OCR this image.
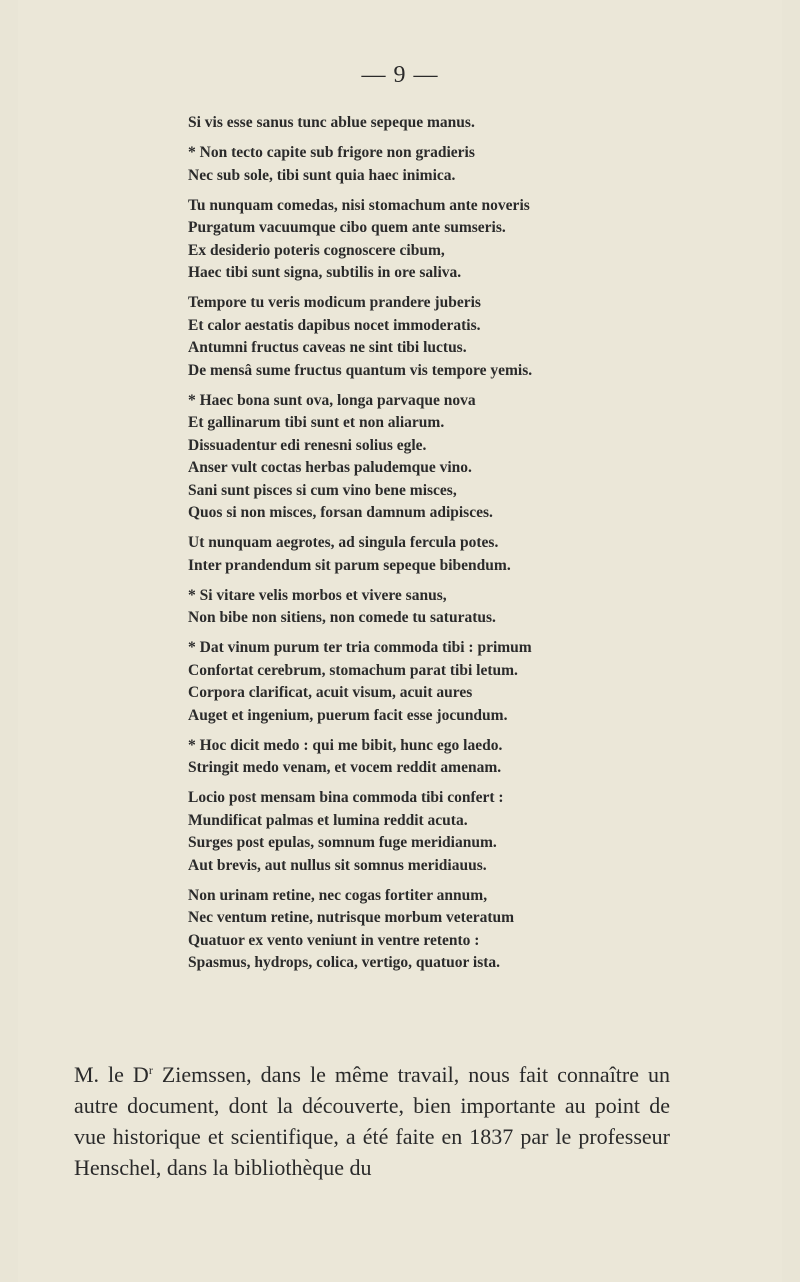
— 9 —
Si vis esse sanus tunc ablue sepeque manus.
* Non tecto capite sub frigore non gradieris
Nec sub sole, tibi sunt quia haec inimica.
Tu nunquam comedas, nisi stomachum ante noveris
Purgatum vacuumque cibo quem ante sumseris.
Ex desiderio poteris cognoscere cibum,
Haec tibi sunt signa, subtilis in ore saliva.
Tempore tu veris modicum prandere juberis
Et calor aestatis dapibus nocet immoderatis.
Antumni fructus caveas ne sint tibi luctus.
De mensâ sume fructus quantum vis tempore yemis.
* Haec bona sunt ova, longa parvaque nova
Et gallinarum tibi sunt et non aliarum.
Dissuadentur edi renesni solius egle.
Anser vult coctas herbas paludemque vino.
Sani sunt pisces si cum vino bene misces,
Quos si non misces, forsan damnum adipisces.
Ut nunquam aegrotes, ad singula fercula potes.
Inter prandendum sit parum sepeque bibendum.
* Si vitare velis morbos et vivere sanus,
Non bibe non sitiens, non comede tu saturatus.
* Dat vinum purum ter tria commoda tibi : primum
Confortat cerebrum, stomachum parat tibi letum.
Corpora clarificat, acuit visum, acuit aures
Auget et ingenium, puerum facit esse jocundum.
* Hoc dicit medo : qui me bibit, hunc ego laedo.
Stringit medo venam, et vocem reddit amenam.
Locio post mensam bina commoda tibi confert :
Mundificat palmas et lumina reddit acuta.
Surges post epulas, somnum fuge meridianum.
Aut brevis, aut nullus sit somnus meridiauus.
Non urinam retine, nec cogas fortiter annum,
Nec ventum retine, nutrisque morbum veteratum
Quatuor ex vento veniunt in ventre retento :
Spasmus, hydrops, colica, vertigo, quatuor ista.
M. le $D^r$ Ziemssen, dans le même travail, nous fait connaître un autre document, dont la découverte, bien importante au point de vue historique et scientifique, a été faite en 1837 par le professeur Henschel, dans la bibliothèque du
